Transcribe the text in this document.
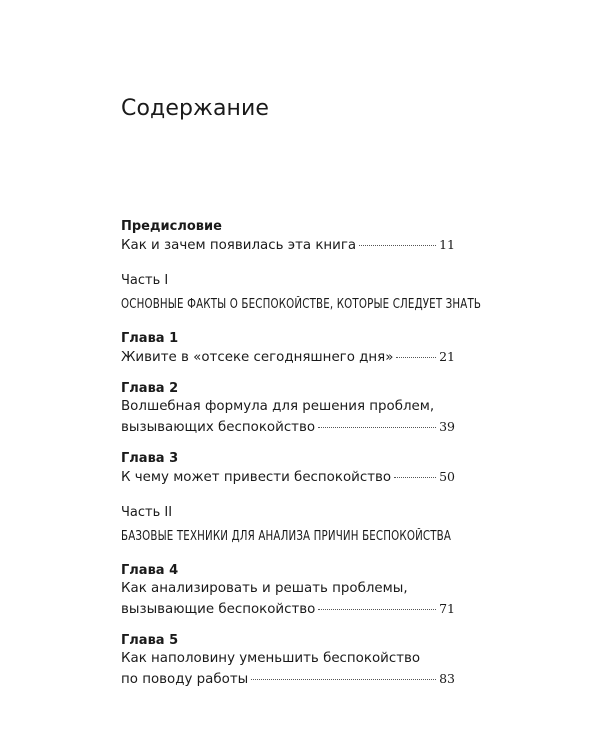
Содержание

Предисловие

Как и зачем появилась эта книга	11

Часть I

ОСНОВНЫЕ ФАКТЫ О БЕСПОКОЙСТВЕ, КОТОРЫЕ СЛЕДУЕТ ЗНАТЬ

Глава 1

Живите в «отсеке сегодняшнего дня»	21

Глава 2

Волшебная формула для решения проблем,

вызывающих беспокойство	39

Глава 3

К чему может привести беспокойство	50

Часть II

БАЗОВЫЕ ТЕХНИКИ ДЛЯ АНАЛИЗА ПРИЧИН БЕСПОКОЙСТВА

Глава 4

Как анализировать и решать проблемы,

вызывающие беспокойство	71

Глава 5

Как наполовину уменьшить беспокойство

по поводу работы	83
